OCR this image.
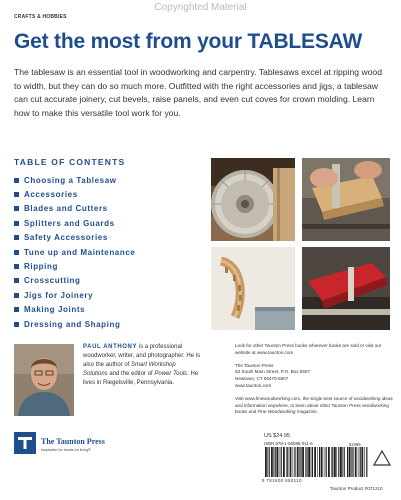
Copyrighted Material
CRAFTS & HOBBIES
Get the most from your TABLESAW

The tablesaw is an essential tool in woodworking and carpentry. Tablesaws excel at ripping wood to width, but they can do so much more. Outfitted with the right accessories and jigs, a tablesaw can cut accurate joinery, cut bevels, raise panels, and even cut coves for crown molding. Learn how to make this versatile tool work for you.

TABLE OF CONTENTS
Choosing a Tablesaw
Accessories
Blades and Cutters
Splitters and Guards
Safety Accessories
Tune up and Maintenance
Ripping
Crosscutting
Jigs for Joinery
Making Joints
Dressing and Shaping

PAUL ANTHONY is a professional woodworker, writer, and photographer. He is also the author of Smart Workshop Solutions and the editor of Power Tools. He lives in Riegelsville, Pennsylvania.

Look for other Taunton Press books wherever books are sold or visit our website at www.taunton.com
The Taunton Press
63 South Main Street, P.O. Box 5507
Newtown, CT 06470-5507
www.taunton.com
Visit www.finewoodworking.com, the single best source of woodworking ideas and information anywhere, to learn about other Taunton Press woodworking books and Fine Woodworking magazine.
The Taunton Press
Inspiration for hands-on living®
US $24.95
ISBN 978-1-60085-011-6	52495
9 781600 850110
Taunton Product #071210
